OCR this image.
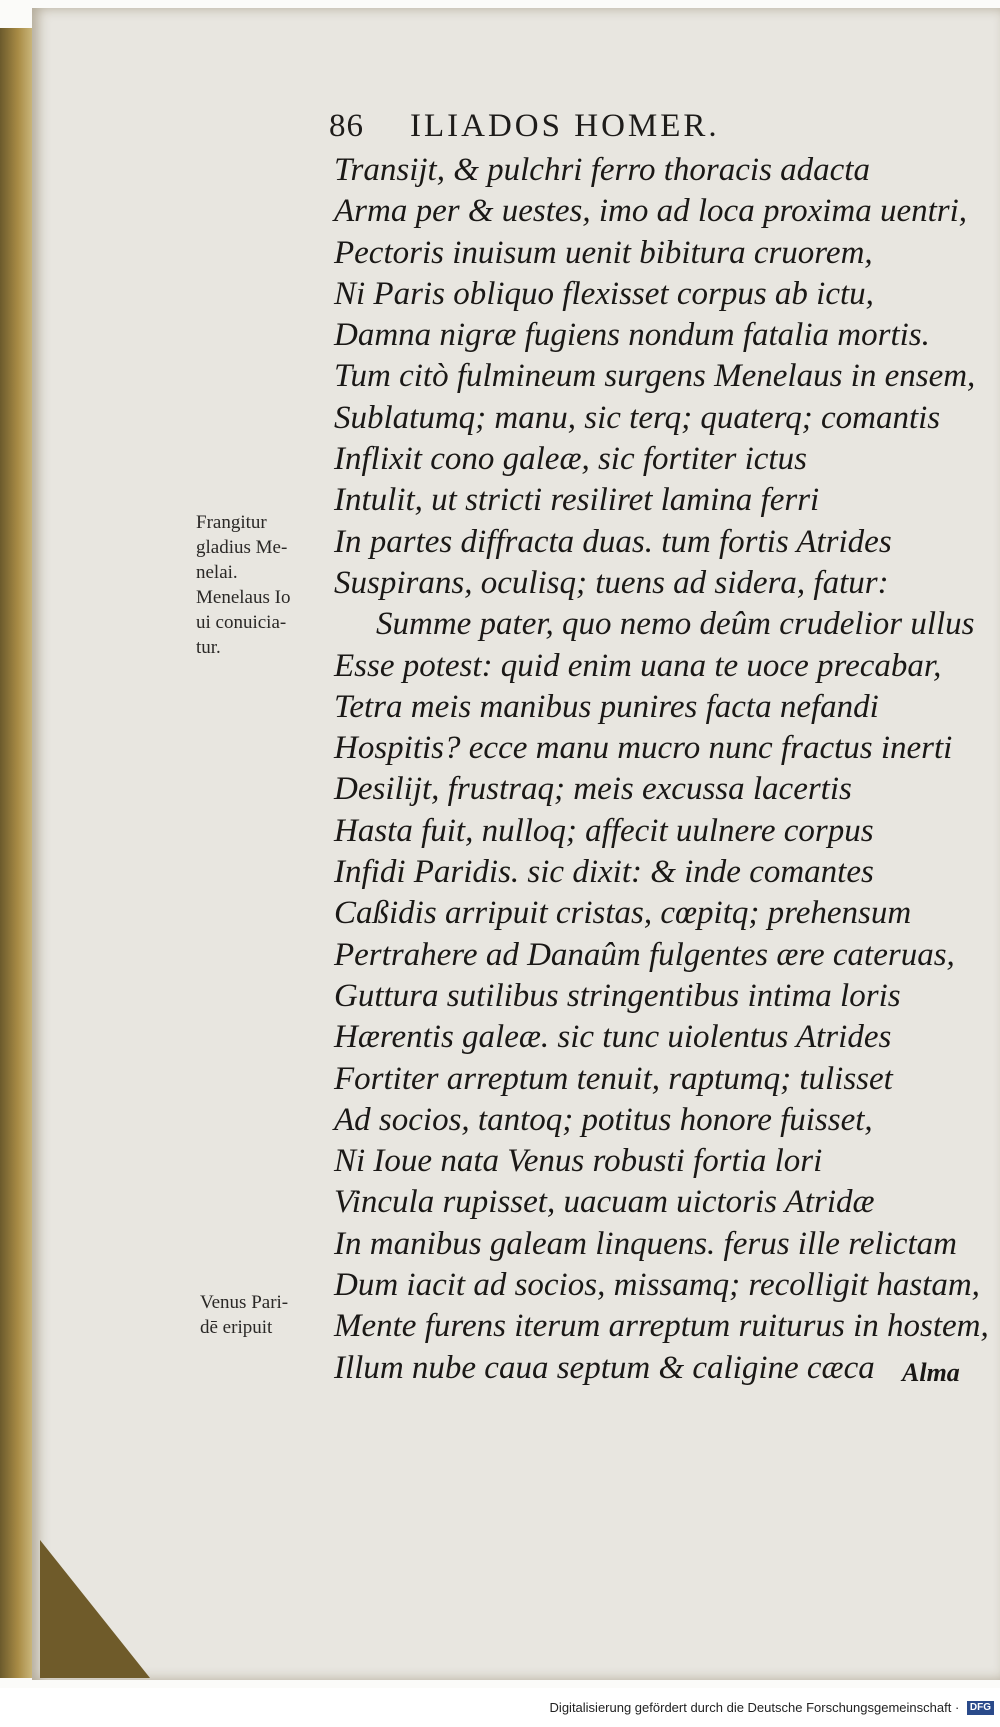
86 ILIADOS HOMER.
Transijt, & pulchri ferro thoracis adacta
Arma per & uestes, imo ad loca proxima uentri,
Pectoris inuisum uenit bibitura cruorem,
Ni Paris obliquo flexisset corpus ab ictu,
Damna nigræ fugiens nondum fatalia mortis.
Tum citò fulmineum surgens Menelaus in ensem,
Sublatumq; manu, sic terq; quaterq; comantis
Inflixit cono galeæ, sic fortiter ictus
Intulit, ut stricti resiliret lamina ferri
In partes diffracta duas. tum fortis Atrides
Suspirans, oculisq; tuens ad sidera, fatur:
Summe pater, quo nemo deûm crudelior ullus
Esse potest: quid enim uana te uoce precabar,
Tetra meis manibus punires facta nefandi
Hospitis? ecce manu mucro nunc fractus inerti
Desilijt, frustraq; meis excussa lacertis
Hasta fuit, nulloq; affecit uulnere corpus
Infidi Paridis. sic dixit: & inde comantes
Caßidis arripuit cristas, cœpitq; prehensum
Pertrahere ad Danaûm fulgentes ære cateruas,
Guttura sutilibus stringentibus intima loris
Hærentis galeæ. sic tunc uiolentus Atrides
Fortiter arreptum tenuit, raptumq; tulisset
Ad socios, tantoq; potitus honore fuisset,
Ni Ioue nata Venus robusti fortia lori
Vincula rupisset, uacuam uictoris Atridæ
In manibus galeam linquens. ferus ille relictam
Dum iacit ad socios, missamq; recolligit hastam,
Mente furens iterum arreptum ruiturus in hostem,
Illum nube caua septum & caligine cæca
Frangitur
gladius Me-
nelai.
Menelaus Io
ui conuicia-
tur.
Venus Pari-
dē eripuit
Alma
Digitalisierung gefördert durch die Deutsche Forschungsgemeinschaft · DFG
